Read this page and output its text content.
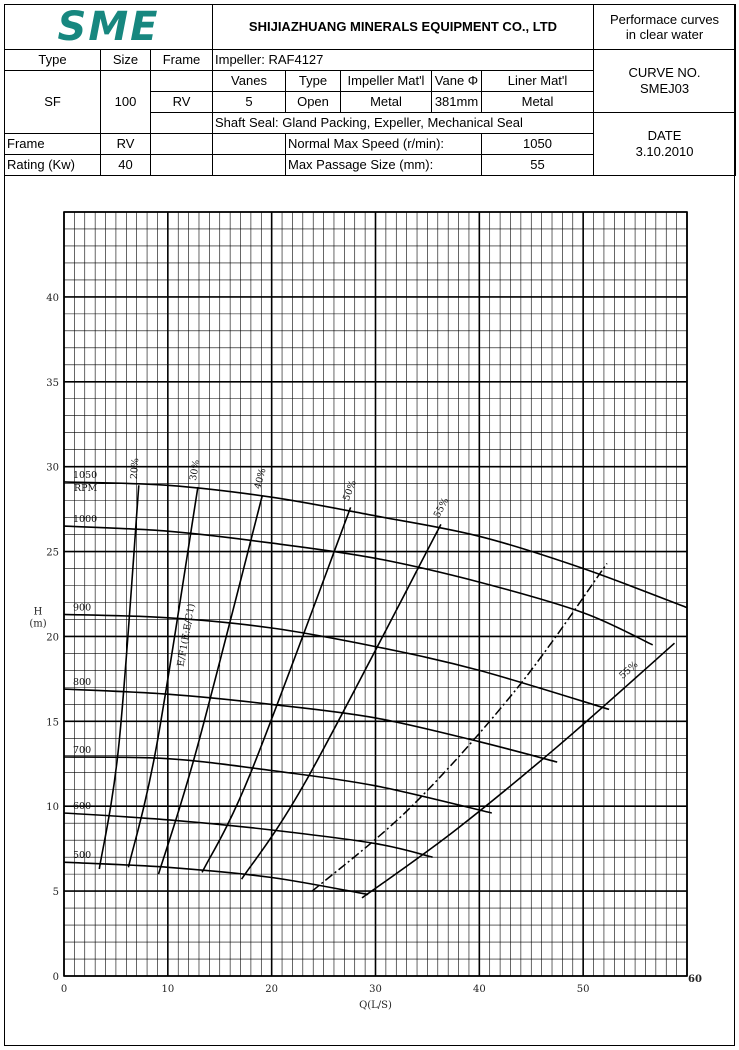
SME			SHIJIAZHUANG MINERALS EQUIPMENT CO., LTD					Performace curves
in clear water
Type	Size	Frame	Impeller: RAF4127					CURVE NO.
SMEJ03
SF	100		Vanes	Type	Impeller Mat'l	Vane Φ	Liner Mat'l	
		RV	5	Open	Metal	381mm	Metal	
			Shaft Seal: Gland Packing, Expeller, Mechanical Seal					DATE
3.10.2010
Frame	RV			Normal Max Speed (r/min):			1050	
Rating (Kw)	40			Max Passage Size (mm):			55	
1050
1000
900
800
700
600
500
RPM
20%	30%	40%
50%
55%
55%
E/F1(E:E/C1)
0	10	20	30	40	50
60
0
5
10
15
20
25
30
35
40
Q(L/S)
H
(m)
